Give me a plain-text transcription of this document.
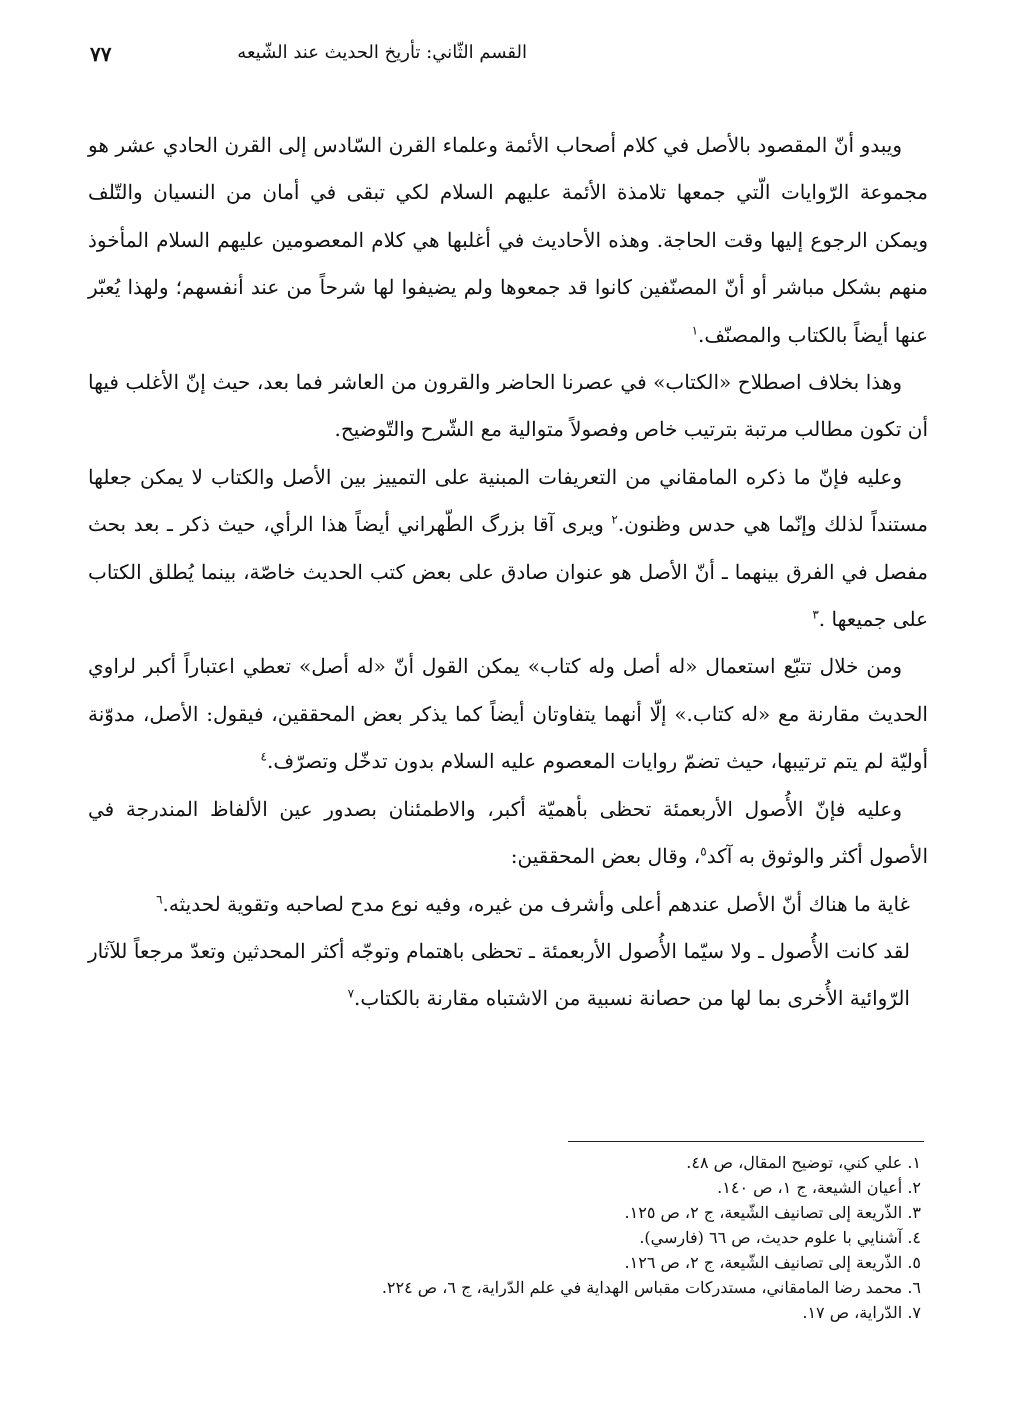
القسم الثّاني: تأريخ الحديث عند الشّيعه
٧٧

ويبدو أنّ المقصود بالأصل في كلام أصحاب الأئمة وعلماء القرن السّادس إلى القرن الحادي عشر هو مجموعة الرّوايات الّتي جمعها تلامذة الأئمة عليهم السلام لكي تبقى في أمان من النسيان والتّلف ويمكن الرجوع إليها وقت الحاجة. وهذه الأحاديث في أغلبها هي كلام المعصومين عليهم السلام المأخوذ منهم بشكل مباشر أو أنّ المصنّفين كانوا قد جمعوها ولم يضيفوا لها شرحاً من عند أنفسهم؛ ولهذا يُعبّر عنها أيضاً بالكتاب والمصنّف.$^١$

وهذا بخلاف اصطلاح «الكتاب» في عصرنا الحاضر والقرون من العاشر فما بعد، حيث إنّ الأغلب فيها أن تكون مطالب مرتبة بترتيب خاص وفصولاً متوالية مع الشّرح والتّوضيح.

وعليه فإنّ ما ذكره المامقاني من التعريفات المبنية على التمييز بين الأصل والكتاب لا يمكن جعلها مستنداً لذلك وإنّما هي حدس وظنون.$^٢$ ويرى آقا بزرگ الطّهراني أيضاً هذا الرأي، حيث ذكر ـ بعد بحث مفصل في الفرق بينهما ـ أنّ الأصل هو عنوان صادق على بعض كتب الحديث خاصّة، بينما يُطلق الكتاب على جميعها .$^٣$

ومن خلال تتبّع استعمال «له أصل وله كتاب» يمكن القول أنّ «له أصل» تعطي اعتباراً أكبر لراوي الحديث مقارنة مع «له كتاب.» إلّا أنهما يتفاوتان أيضاً كما يذكر بعض المحققين، فيقول: الأصل، مدوّنة أوليّة لم يتم ترتيبها، حيث تضمّ روايات المعصوم عليه السلام بدون تدخّل وتصرّف.$^٤$

وعليه فإنّ الأُصول الأربعمئة تحظى بأهميّة أكبر، والاطمئنان بصدور عين الألفاظ المندرجة في الأصول أكثر والوثوق به آكد$^٥$، وقال بعض المحققين:

غاية ما هناك أنّ الأصل عندهم أعلى وأشرف من غيره، وفيه نوع مدح لصاحبه وتقوية لحديثه.$^٦$

لقد كانت الأُصول ـ ولا سيّما الأُصول الأربعمئة ـ تحظى باهتمام وتوجّه أكثر المحدثين وتعدّ مرجعاً للآثار الرّوائية الأُخرى بما لها من حصانة نسبية من الاشتباه مقارنة بالكتاب.$^٧$

١. علي كني، توضيح المقال، ص ٤٨.
٢. أعيان الشيعة، ج ١، ص ١٤٠.
٣. الذّريعة إلى تصانيف الشّيعة، ج ٢، ص ١٢٥.
٤. آشنايي با علوم حديث، ص ٦٦ (فارسي).
٥. الذّريعة إلى تصانيف الشّيعة، ج ٢، ص ١٢٦.
٦. محمد رضا المامقاني، مستدركات مقباس الهداية في علم الدّراية، ج ٦، ص ٢٢٤.
٧. الدّراية، ص ١٧.
